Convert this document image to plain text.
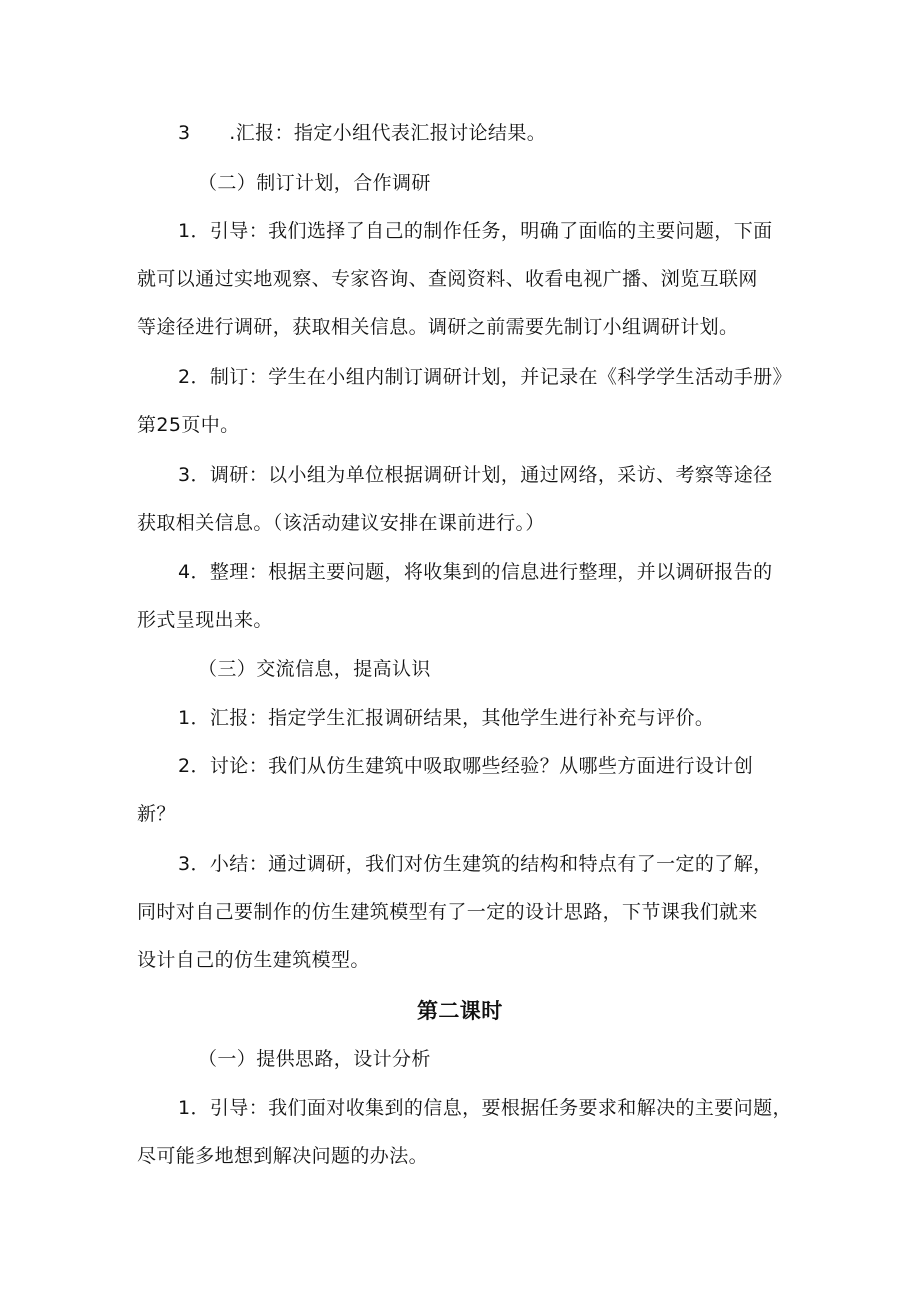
3　　.汇报：指定小组代表汇报讨论结果。
（二）制订计划，合作调研
1．引导：我们选择了自己的制作任务，明确了面临的主要问题，下面
就可以通过实地观察、专家咨询、查阅资料、收看电视广播、浏览互联网
等途径进行调研，获取相关信息。调研之前需要先制订小组调研计划。
2．制订：学生在小组内制订调研计划，并记录在《科学学生活动手册》
第25页中。
3．调研：以小组为单位根据调研计划，通过网络，采访、考察等途径
获取相关信息。（该活动建议安排在课前进行。）
4．整理：根据主要问题，将收集到的信息进行整理，并以调研报告的
形式呈现出来。
（三）交流信息，提高认识
1．汇报：指定学生汇报调研结果，其他学生进行补充与评价。
2．讨论：我们从仿生建筑中吸取哪些经验？从哪些方面进行设计创
新？
3．小结：通过调研，我们对仿生建筑的结构和特点有了一定的了解，
同时对自己要制作的仿生建筑模型有了一定的设计思路，下节课我们就来
设计自己的仿生建筑模型。
第二课时
（一）提供思路，设计分析
1．引导：我们面对收集到的信息，要根据任务要求和解决的主要问题，
尽可能多地想到解决问题的办法。
